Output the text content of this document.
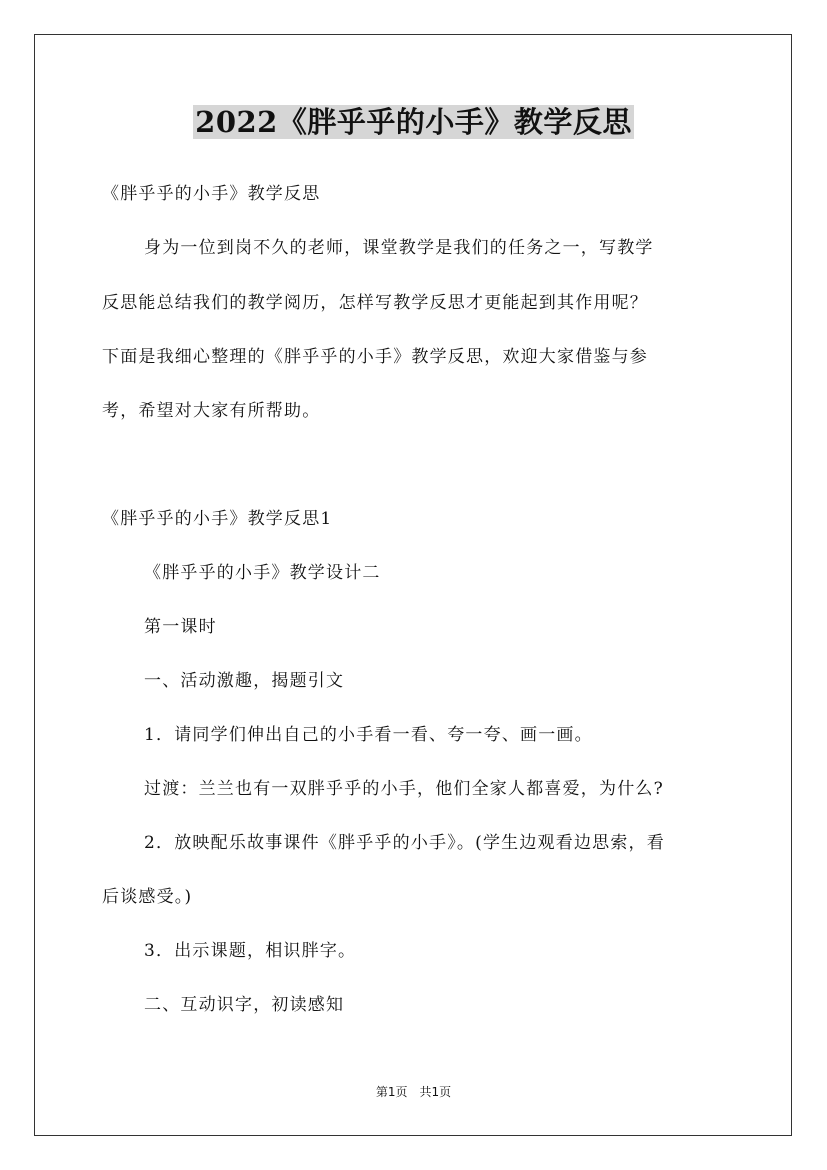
2022《胖乎乎的小手》教学反思
《胖乎乎的小手》教学反思
身为一位到岗不久的老师，课堂教学是我们的任务之一，写教学
反思能总结我们的教学阅历，怎样写教学反思才更能起到其作用呢？
下面是我细心整理的《胖乎乎的小手》教学反思，欢迎大家借鉴与参
考，希望对大家有所帮助。
《胖乎乎的小手》教学反思1
《胖乎乎的小手》教学设计二
第一课时
一、活动激趣，揭题引文
1．请同学们伸出自己的小手看一看、夸一夸、画一画。
过渡：兰兰也有一双胖乎乎的小手，他们全家人都喜爱，为什么?
2．放映配乐故事课件《胖乎乎的小手》。(学生边观看边思索，看
后谈感受。)
3．出示课题，相识胖字。
二、互动识字，初读感知
第1页　共1页
